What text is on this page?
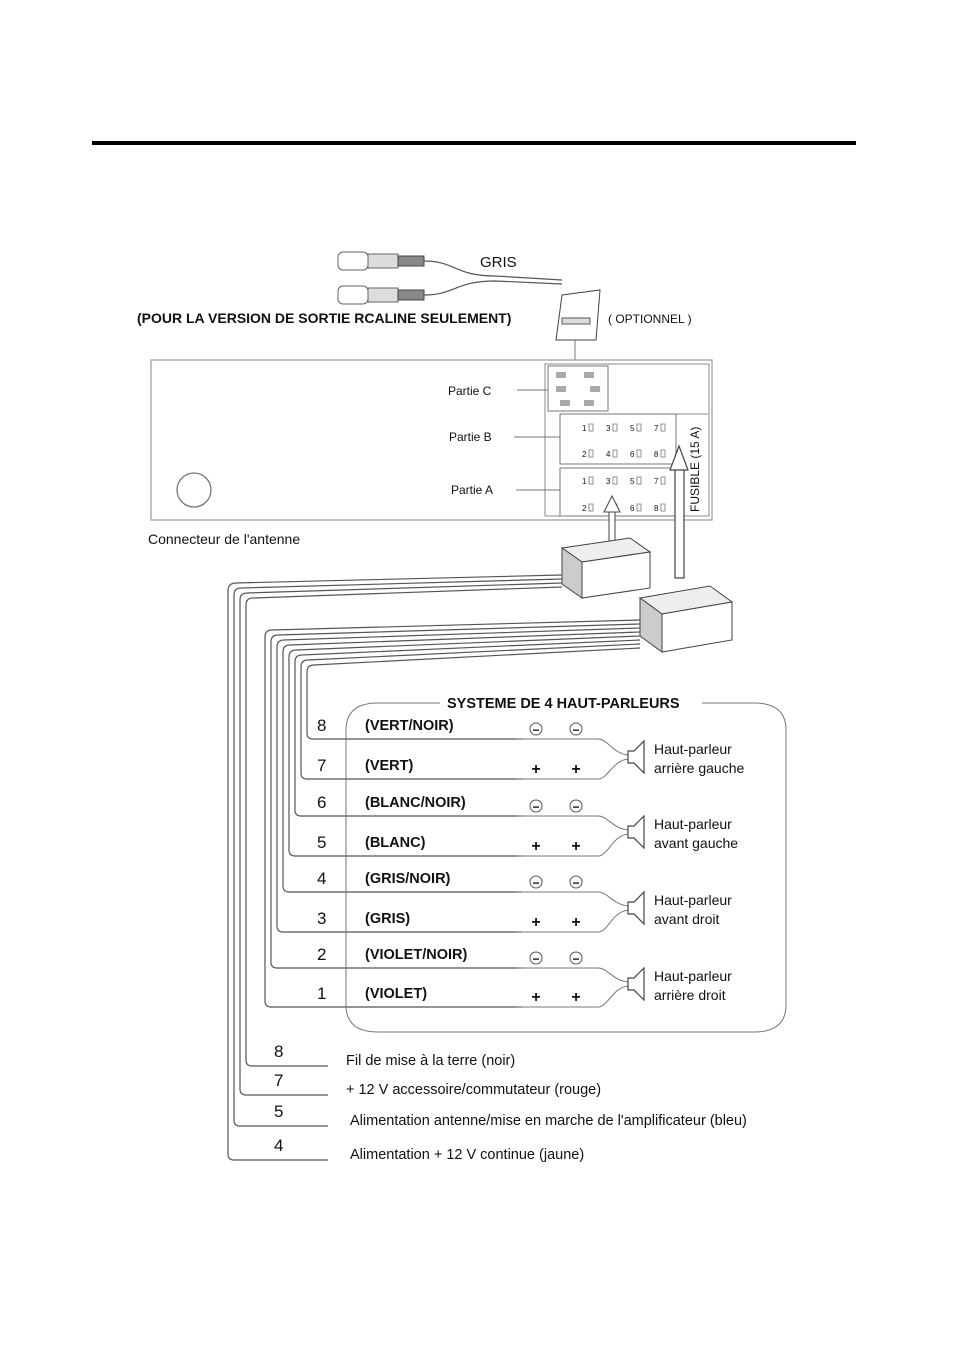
GRIS
(POUR LA VERSION DE SORTIE RCALINE SEULEMENT)	( OPTIONNEL )
Connecteur de l'antenne
1 3 5 7
2 4 6 8
1 3 5 7
2	6 8
Partie C
Partie B
Partie A	FUSIBLE (15 A)
SYSTEME DE 4 HAUT-PARLEURS
8	(VERT/NOIR)	−	−
7	(VERT)	+ +
6	(BLANC/NOIR)	−	−
5	(BLANC)	+ +
4	(GRIS/NOIR)	−	−
3	(GRIS)	+ +
2	(VIOLET/NOIR)	−	−
1	(VIOLET)	+ +
Haut-parleur
arrière gauche
Haut-parleur
avant gauche
Haut-parleur
avant droit
Haut-parleur
arrière droit
8	Fil de mise à la terre (noir)
7	+ 12 V accessoire/commutateur (rouge)
5	Alimentation antenne/mise en marche de l'amplificateur (bleu)
4	Alimentation + 12 V continue (jaune)
